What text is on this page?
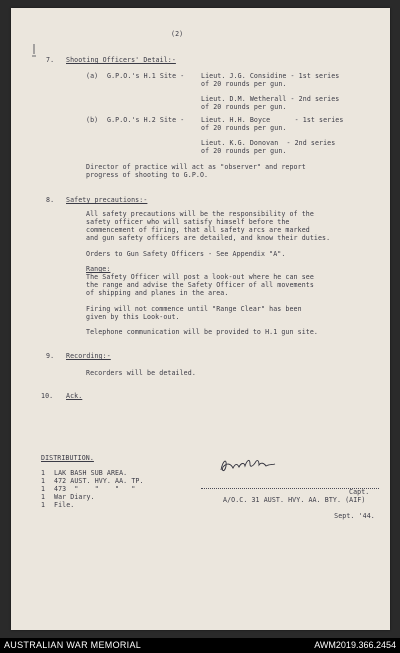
(2)
7. Shooting Officers' Detail:-
(a) G.P.O.'s H.1 Site -	Lieut. J.G. Considine - 1st series
of 20 rounds per gun.
Lieut. D.M. Wetherall - 2nd series
of 20 rounds per gun.
(b) G.P.O.'s H.2 Site -	Lieut. H.H. Boyce      - 1st series
of 20 rounds per gun.
Lieut. K.G. Donovan  - 2nd series
of 20 rounds per gun.
Director of practice will act as "observer" and report
progress of shooting to G.P.O.
8. Safety precautions:-
All safety precautions will be the responsibility of the
safety officer who will satisfy himself before the
commencement of firing, that all safety arcs are marked
and gun safety officers are detailed, and know their duties.
Orders to Gun Safety Officers - See Appendix "A".
Range:
The Safety Officer will post a look-out where he can see
the range and advise the Safety Officer of all movements
of shipping and planes in the area.
Firing will not commence until "Range Clear" has been
given by this Look-out.
Telephone communication will be provided to H.1 gun site.
9. Recording:-
Recorders will be detailed.
10. Ack.
DISTRIBUTION.
1 LAK BASH SUB AREA.
1 472 AUST. HVY. AA. TP.
1 473  "    "    "   "
1 War Diary.
1 File.
Capt.
A/O.C. 31 AUST. HVY. AA. BTY. (AIF)
Sept. '44.
AUSTRALIAN WAR MEMORIAL	AWM2019.366.2454
